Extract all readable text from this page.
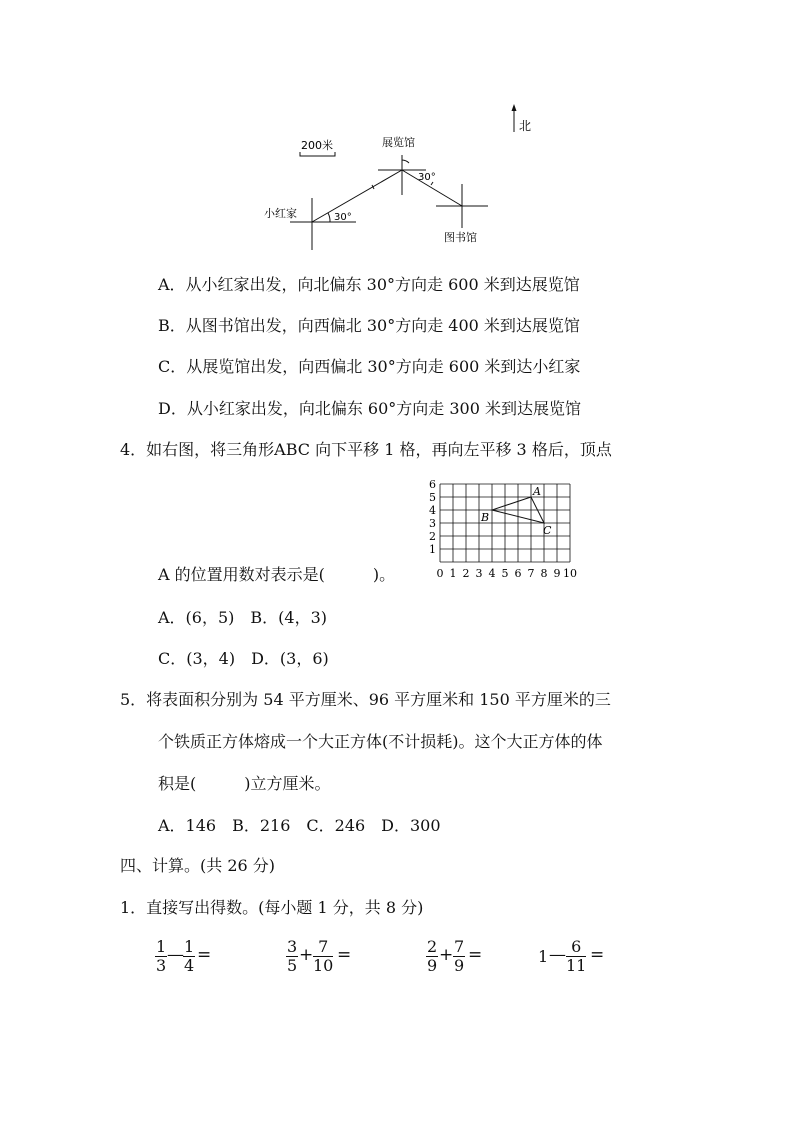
北
200米	展览馆
30°
小红家	30°
图书馆
A．从小红家出发，向北偏东 30°方向走 600 米到达展览馆
B．从图书馆出发，向西偏北 30°方向走 400 米到达展览馆
C．从展览馆出发，向西偏北 30°方向走 600 米到达小红家
D．从小红家出发，向北偏东 60°方向走 300 米到达展览馆
4．如右图，将三角形ABC 向下平移 1 格，再向左平移 3 格后，顶点
6
5
4
3
2
1
0 1 2 3 4 5 6 7 8 9 10
A
B
C
A 的位置用数对表示是(　　　)。
A．(6，5)　B．(4，3)
C．(3，4)　D．(3，6)
5．将表面积分别为 54 平方厘米、96 平方厘米和 150 平方厘米的三
个铁质正方体熔成一个大正方体(不计损耗)。这个大正方体的体
积是(　　　)立方厘米。
A．146　B．216　C．246　D．300
四、计算。(共 26 分)
1．直接写出得数。(每小题 1 分，共 8 分)
$\frac{1}{3}$ — $\frac{1}{4}$ =	$\frac{3}{5} + \frac{7}{10}$ =	$\frac{2}{9} + \frac{7}{9}$ =	1 — $\frac{6}{11}$ =
